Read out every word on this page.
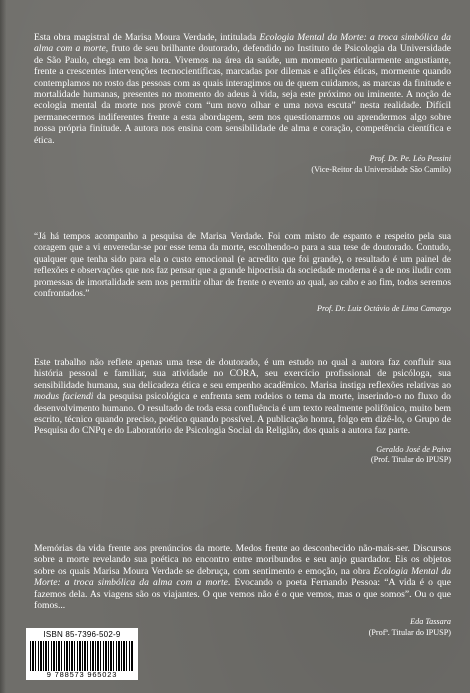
Esta obra magistral de Marisa Moura Verdade, intitulada Ecologia Mental da Morte: a troca simbólica da alma com a morte, fruto de seu brilhante doutorado, defendido no Instituto de Psicologia da Universidade de São Paulo, chega em boa hora. Vivemos na área da saúde, um momento particularmente angustiante, frente a crescentes intervenções tecnocientíficas, marcadas por dilemas e aflições éticas, mormente quando contemplamos no rosto das pessoas com as quais interagimos ou de quem cuidamos, as marcas da finitude e mortalidade humanas, presentes no momento do adeus à vida, seja este próximo ou iminente. A noção de ecologia mental da morte nos provê com “um novo olhar e uma nova escuta” nesta realidade. Difícil permanecermos indiferentes frente a esta abordagem, sem nos questionarmos ou aprendermos algo sobre nossa própria finitude. A autora nos ensina com sensibilidade de alma e coração, competência científica e ética.

Prof. Dr. Pe. Léo Pessini
(Vice-Reitor da Universidade São Camilo)

“Já há tempos acompanho a pesquisa de Marisa Verdade. Foi com misto de espanto e respeito pela sua coragem que a vi enveredar-se por esse tema da morte, escolhendo-o para a sua tese de doutorado. Contudo, qualquer que tenha sido para ela o custo emocional (e acredito que foi grande), o resultado é um painel de reflexões e observações que nos faz pensar que a grande hipocrisia da sociedade moderna é a de nos iludir com promessas de imortalidade sem nos permitir olhar de frente o evento ao qual, ao cabo e ao fim, todos seremos confrontados.”

Prof. Dr. Luiz Octávio de Lima Camargo

Este trabalho não reflete apenas uma tese de doutorado, é um estudo no qual a autora faz confluir sua história pessoal e familiar, sua atividade no CORA, seu exercício profissional de psicóloga, sua sensibilidade humana, sua delicadeza ética e seu empenho acadêmico. Marisa instiga reflexões relativas ao modus faciendi da pesquisa psicológica e enfrenta sem rodeios o tema da morte, inserindo-o no fluxo do desenvolvimento humano. O resultado de toda essa confluência é um texto realmente polifônico, muito bem escrito, técnico quando preciso, poético quando possível. A publicação honra, folgo em dizê-lo, o Grupo de Pesquisa do CNPq e do Laboratório de Psicologia Social da Religião, dos quais a autora faz parte.

Geraldo José de Paiva
(Prof. Titular do IPUSP)

Memórias da vida frente aos prenúncios da morte. Medos frente ao desconhecido não-mais-ser. Discursos sobre a morte revelando sua poética no encontro entre moribundos e seu anjo guardador. Eis os objetos sobre os quais Marisa Moura Verdade se debruça, com sentimento e emoção, na obra Ecologia Mental da Morte: a troca simbólica da alma com a morte. Evocando o poeta Fernando Pessoa: “A vida é o que fazemos dela. As viagens são os viajantes. O que vemos não é o que vemos, mas o que somos”. Ou o que fomos...

Eda Tassara
(Profª. Titular do IPUSP)
ISBN 85-7396-502-9
9 788573 965023
